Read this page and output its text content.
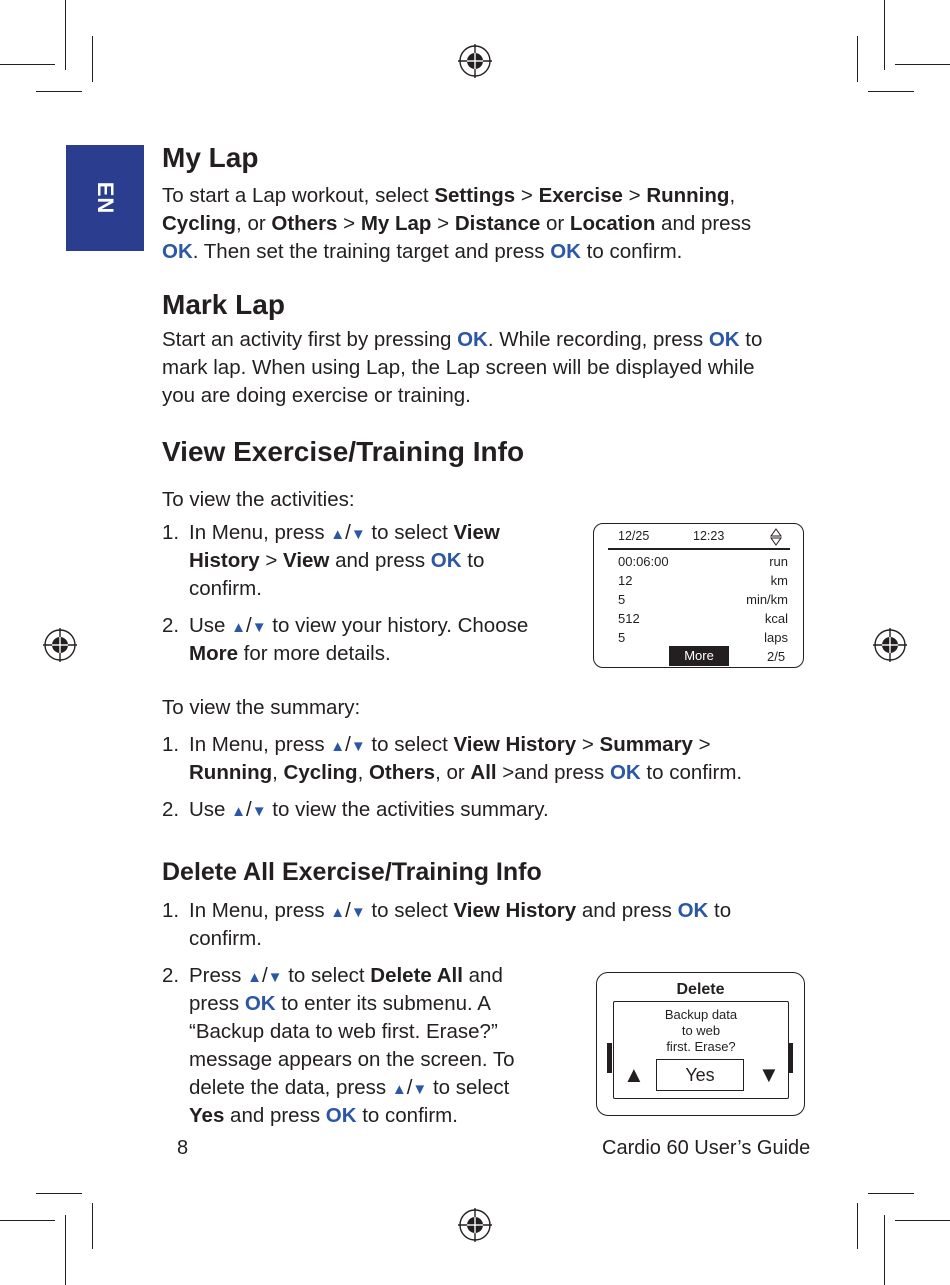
EN
My Lap
To start a Lap workout, select Settings > Exercise > Running,
Cycling, or Others > My Lap > Distance or Location and press
OK. Then set the training target and press OK to confirm.
Mark Lap
Start an activity first by pressing OK. While recording, press OK to
mark lap. When using Lap, the Lap screen will be displayed while
you are doing exercise or training.
View Exercise/Training Info
To view the activities:
1. In Menu, press ▲/▼ to select View
History > View and press OK to
confirm.
2. Use ▲/▼ to view your history. Choose
More for more details.
12/25	12:23
00:06:00	run
12	km
5	min/km
512	kcal
5	laps
More	2/5
To view the summary:
1. In Menu, press ▲/▼ to select View History > Summary >
Running, Cycling, Others, or All >and press OK to confirm.
2. Use ▲/▼ to view the activities summary.
Delete All Exercise/Training Info
1. In Menu, press ▲/▼ to select View History and press OK to
confirm.
2. Press ▲/▼ to select Delete All and
press OK to enter its submenu. A
“Backup data to web first. Erase?”
message appears on the screen. To
delete the data, press ▲/▼ to select
Yes and press OK to confirm.
Delete
Backup data
to web
first. Erase?
Yes
▲	▼
8	Cardio 60 User’s Guide
